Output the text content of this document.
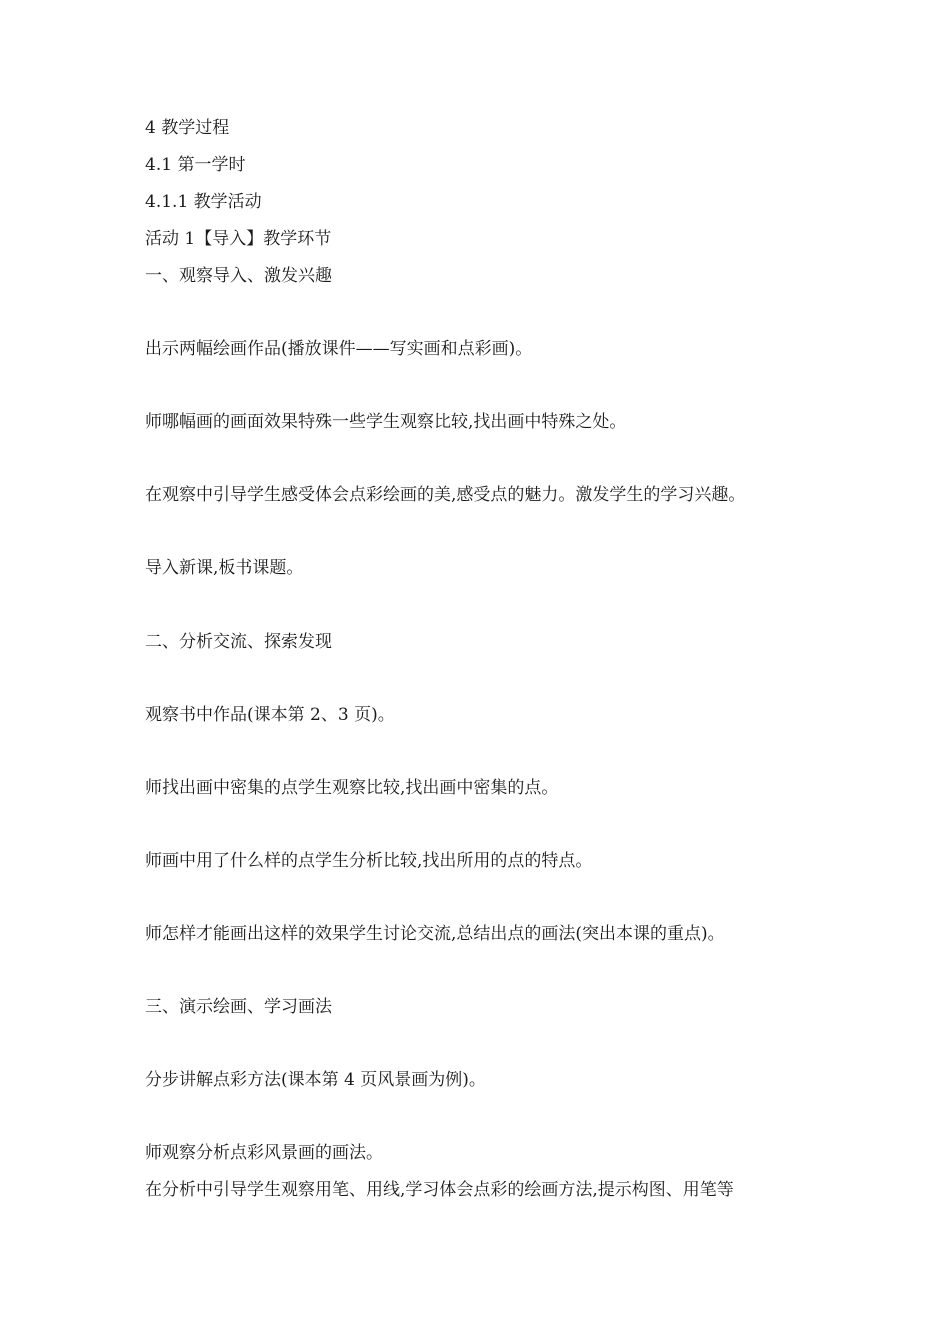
4 教学过程
4.1 第一学时
4.1.1 教学活动
活动 1【导入】教学环节
一、观察导入、激发兴趣
出示两幅绘画作品(播放课件——写实画和点彩画)。
师哪幅画的画面效果特殊一些学生观察比较,找出画中特殊之处。
在观察中引导学生感受体会点彩绘画的美,感受点的魅力。激发学生的学习兴趣。
导入新课,板书课题。
二、分析交流、探索发现
观察书中作品(课本第 2、3 页)。
师找出画中密集的点学生观察比较,找出画中密集的点。
师画中用了什么样的点学生分析比较,找出所用的点的特点。
师怎样才能画出这样的效果学生讨论交流,总结出点的画法(突出本课的重点)。
三、演示绘画、学习画法
分步讲解点彩方法(课本第 4 页风景画为例)。
师观察分析点彩风景画的画法。
在分析中引导学生观察用笔、用线,学习体会点彩的绘画方法,提示构图、用笔等
